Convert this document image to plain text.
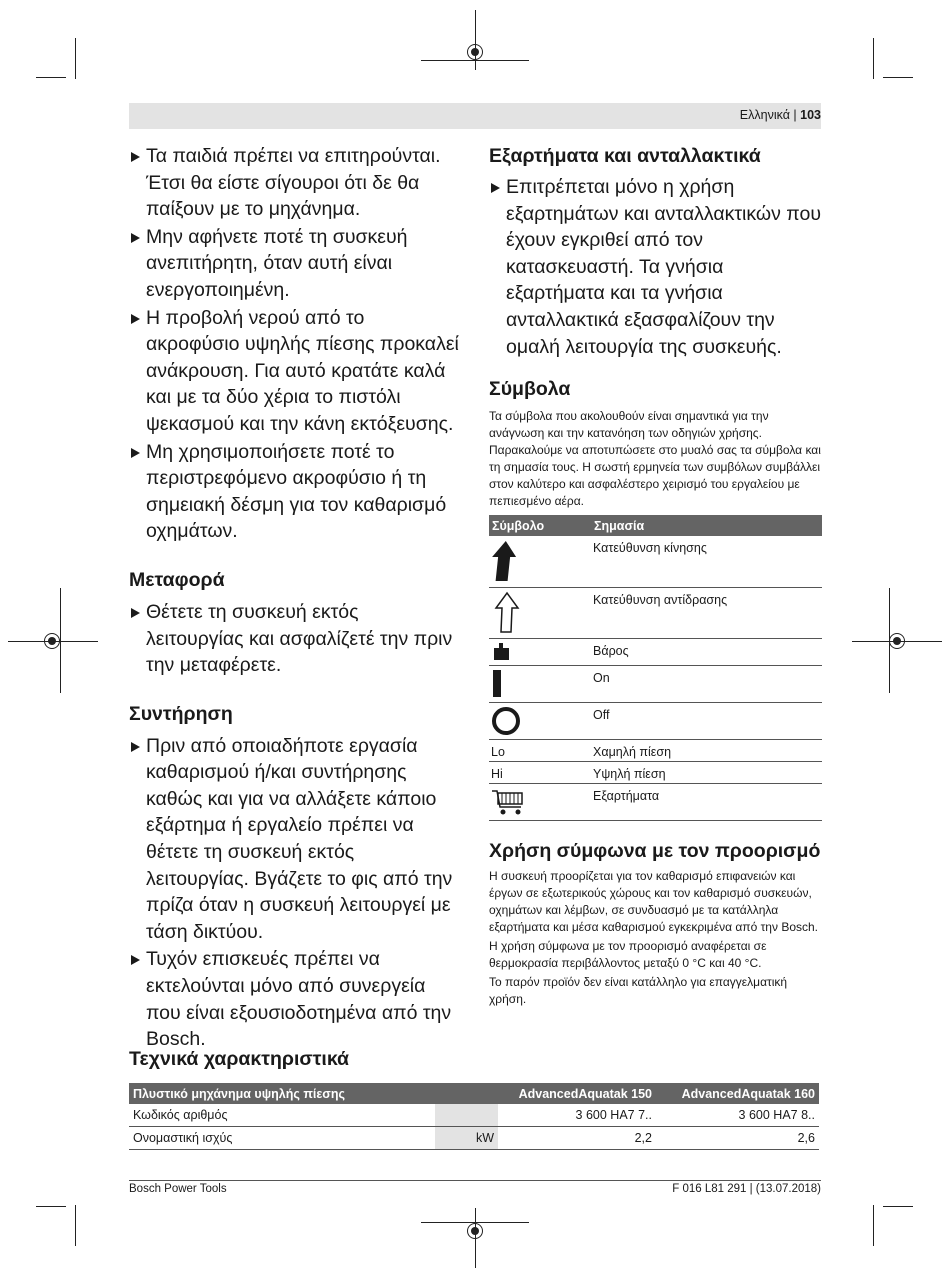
Ελληνικά | 103
Τα παιδιά πρέπει να επιτηρούνται. Έτσι θα είστε σίγουροι ότι δε θα παίξουν με το μηχάνημα.
Μην αφήνετε ποτέ τη συσκευή ανεπιτήρητη, όταν αυτή είναι ενεργοποιημένη.
Η προβολή νερού από το ακροφύσιο υψηλής πίεσης προκαλεί ανάκρουση. Για αυτό κρατάτε καλά και με τα δύο χέρια το πιστόλι ψεκασμού και την κάνη εκτόξευσης.
Μη χρησιμοποιήσετε ποτέ το περιστρεφόμενο ακροφύσιο ή τη σημειακή δέσμη για τον καθαρισμό οχημάτων.
Μεταφορά
Θέτετε τη συσκευή εκτός λειτουργίας και ασφαλίζετέ την πριν την μεταφέρετε.
Συντήρηση
Πριν από οποιαδήποτε εργασία καθαρισμού ή/και συντήρησης καθώς και για να αλλάξετε κάποιο εξάρτημα ή εργαλείο πρέπει να θέτετε τη συσκευή εκτός λειτουργίας. Βγάζετε το φις από την πρίζα όταν η συσκευή λειτουργεί με τάση δικτύου.
Τυχόν επισκευές πρέπει να εκτελούνται μόνο από συνεργεία που είναι εξουσιοδοτημένα από την Bosch.
Εξαρτήματα και ανταλλακτικά
Επιτρέπεται μόνο η χρήση εξαρτημάτων και ανταλλακτικών που έχουν εγκριθεί από τον κατασκευαστή. Τα γνήσια εξαρτήματα και τα γνήσια ανταλλακτικά εξασφαλίζουν την ομαλή λειτουργία της συσκευής.
Σύμβολα

Τα σύμβολα που ακολουθούν είναι σημαντικά για την ανάγνωση και την κατανόηση των οδηγιών χρήσης. Παρακαλούμε να αποτυπώσετε στο μυαλό σας τα σύμβολα και τη σημασία τους. Η σωστή ερμηνεία των συμβόλων συμβάλλει στον καλύτερο και ασφαλέστερο χειρισμό του εργαλείου με πεπιεσμένο αέρα.

Σύμβολο	Σημασία
	Κατεύθυνση κίνησης
	Κατεύθυνση αντίδρασης
	Βάρος
	On
	Off
Lo	Χαμηλή πίεση
Hi	Υψηλή πίεση
	Εξαρτήματα
Χρήση σύμφωνα με τον προορισμό

Η συσκευή προορίζεται για τον καθαρισμό επιφανειών και έργων σε εξωτερικούς χώρους και τον καθαρισμό συσκευών, οχημάτων και λέμβων, σε συνδυασμό με τα κατάλληλα εξαρτήματα και μέσα καθαρισμού εγκεκριμένα από την Bosch.

Η χρήση σύμφωνα με τον προορισμό αναφέρεται σε θερμοκρασία περιβάλλοντος μεταξύ 0 °C και 40 °C.

Το παρόν προϊόν δεν είναι κατάλληλο για επαγγελματική χρήση.

Τεχνικά χαρακτηριστικά
Πλυστικό μηχάνημα υψηλής πίεσης		AdvancedAquatak 150	AdvancedAquatak 160
Κωδικός αριθμός		3 600 HA7 7..	3 600 HA7 8..
Ονομαστική ισχύς	kW	2,2	2,6
Bosch Power Tools	F 016 L81 291 | (13.07.2018)
